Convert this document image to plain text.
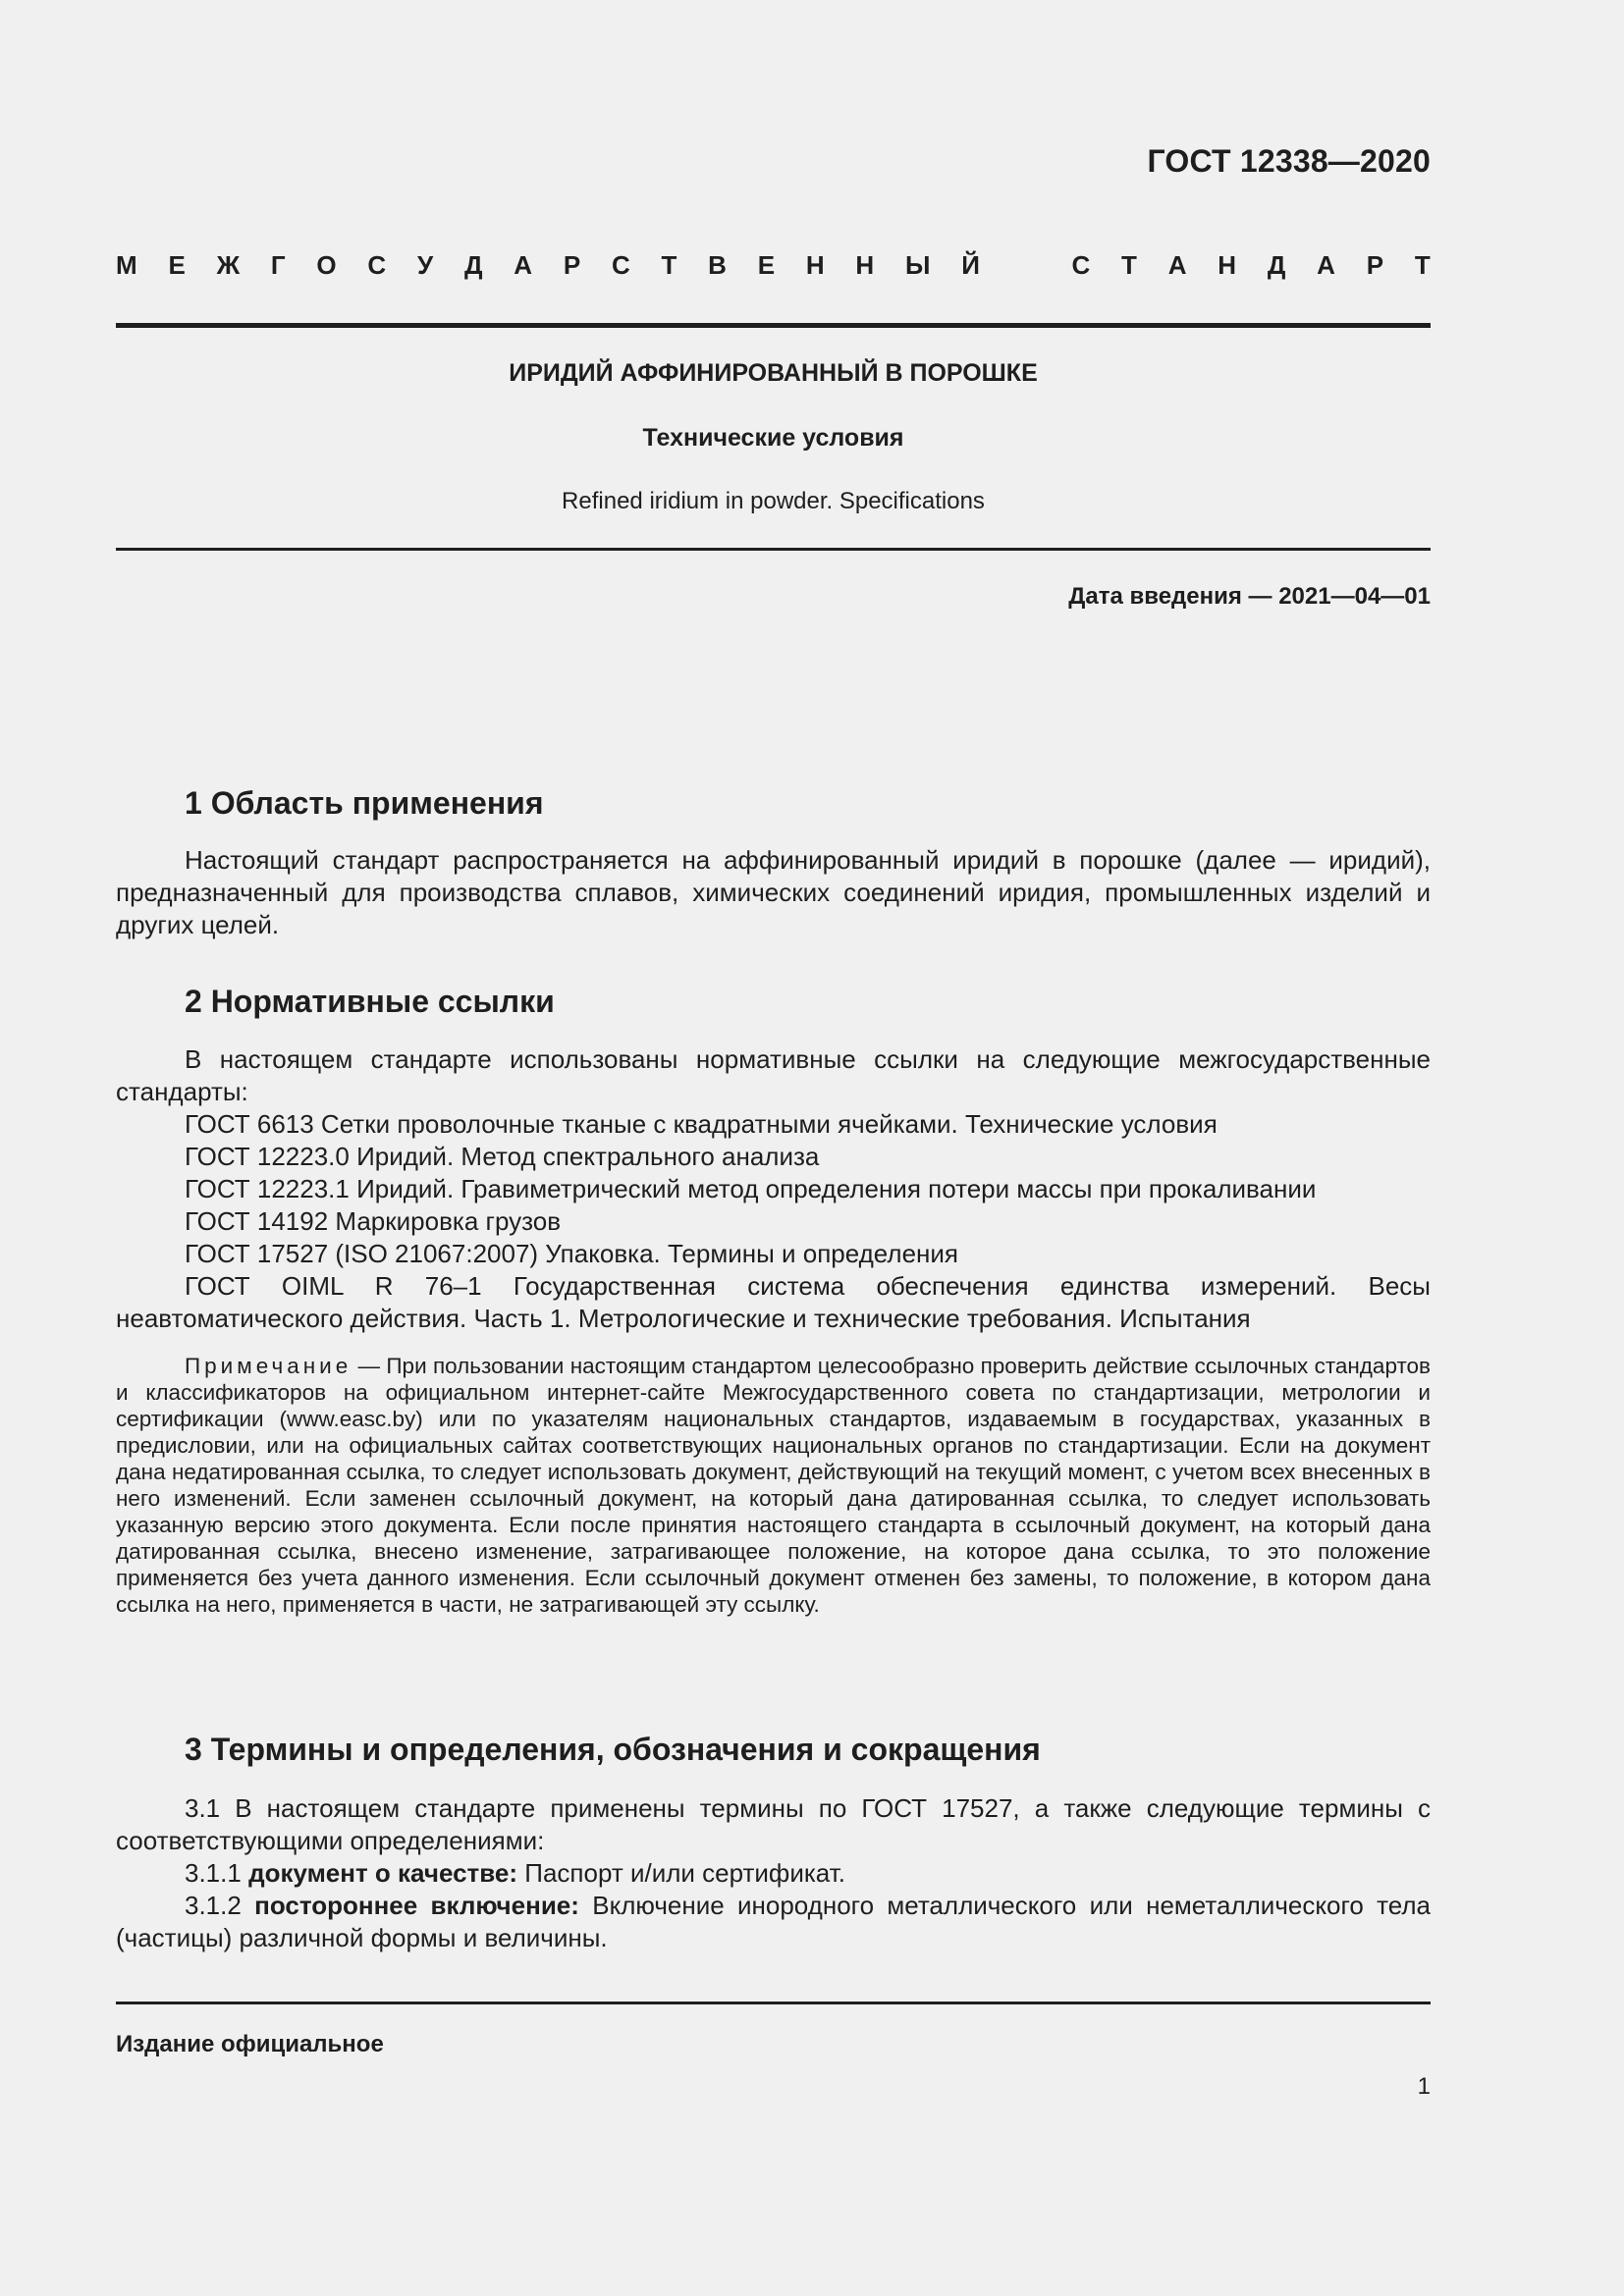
ГОСТ 12338—2020
М Е Ж Г О С У Д А Р С Т В Е Н Н Ы Й	С Т А Н Д А Р Т
ИРИДИЙ АФФИНИРОВАННЫЙ В ПОРОШКЕ
Технические условия
Refined iridium in powder. Specifications
Дата введения — 2021—04—01
1 Область применения

Настоящий стандарт распространяется на аффинированный иридий в порошке (далее — иридий), предназначенный для производства сплавов, химических соединений иридия, промышленных изделий и других целей.

2 Нормативные ссылки

В настоящем стандарте использованы нормативные ссылки на следующие межгосударственные стандарты:

ГОСТ 6613 Сетки проволочные тканые с квадратными ячейками. Технические условия
ГОСТ 12223.0 Иридий. Метод спектрального анализа
ГОСТ 12223.1 Иридий. Гравиметрический метод определения потери массы при прокаливании
ГОСТ 14192 Маркировка грузов
ГОСТ 17527 (ISO 21067:2007) Упаковка. Термины и определения
ГОСТ OIML R 76–1 Государственная система обеспечения единства измерений. Весы неавтоматического действия. Часть 1. Метрологические и технические требования. Испытания

Примечание — При пользовании настоящим стандартом целесообразно проверить действие ссылочных стандартов и классификаторов на официальном интернет-сайте Межгосударственного совета по стандартизации, метрологии и сертификации (www.easc.by) или по указателям национальных стандартов, издаваемым в государствах, указанных в предисловии, или на официальных сайтах соответствующих национальных органов по стандартизации. Если на документ дана недатированная ссылка, то следует использовать документ, действующий на текущий момент, с учетом всех внесенных в него изменений. Если заменен ссылочный документ, на который дана датированная ссылка, то следует использовать указанную версию этого документа. Если после принятия настоящего стандарта в ссылочный документ, на который дана датированная ссылка, внесено изменение, затрагивающее положение, на которое дана ссылка, то это положение применяется без учета данного изменения. Если ссылочный документ отменен без замены, то положение, в котором дана ссылка на него, применяется в части, не затрагивающей эту ссылку.

3 Термины и определения, обозначения и сокращения

3.1 В настоящем стандарте применены термины по ГОСТ 17527, а также следующие термины с соответствующими определениями:

3.1.1 документ о качестве: Паспорт и/или сертификат.

3.1.2 постороннее включение: Включение инородного металлического или неметаллического тела (частицы) различной формы и величины.

Издание официальное
1
